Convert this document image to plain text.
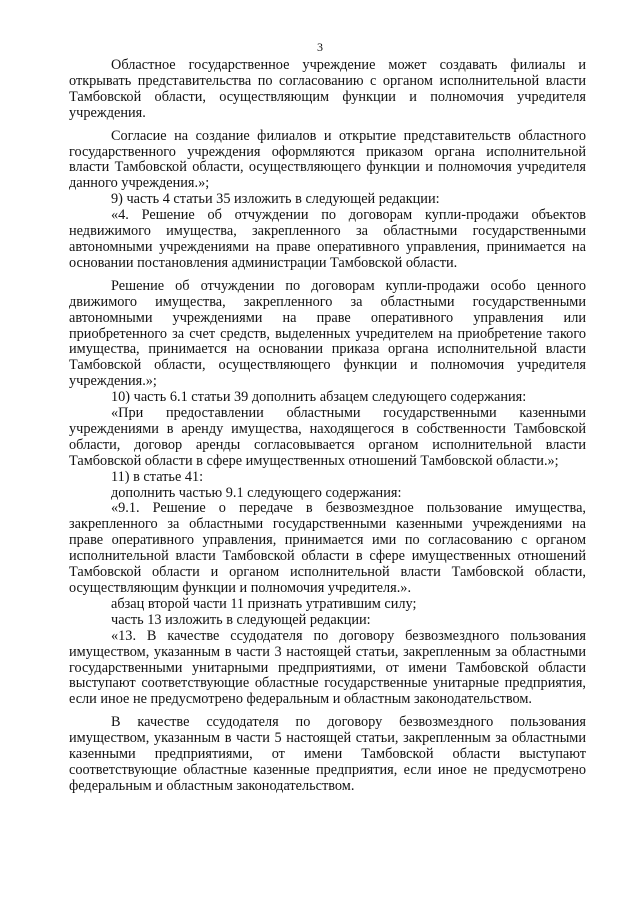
3

Областное государственное учреждение может создавать филиалы и открывать представительства по согласованию с органом исполнительной власти Тамбовской области, осуществляющим функции и полномочия учредителя учреждения.

Согласие на создание филиалов и открытие представительств областного государственного учреждения оформляются приказом органа исполнительной власти Тамбовской области, осуществляющего функции и полномочия учредителя данного учреждения.»;

9) часть 4 статьи 35 изложить в следующей редакции:

«4. Решение об отчуждении по договорам купли-продажи объектов недвижимого имущества, закрепленного за областными государственными автономными учреждениями на праве оперативного управления, принимается на основании постановления администрации Тамбовской области.

Решение об отчуждении по договорам купли-продажи особо ценного движимого имущества, закрепленного за областными государственными автономными учреждениями на праве оперативного управления или приобретенного за счет средств, выделенных учредителем на приобретение такого имущества, принимается на основании приказа органа исполнительной власти Тамбовской области, осуществляющего функции и полномочия учредителя учреждения.»;

10) часть 6.1 статьи 39 дополнить абзацем следующего содержания:

«При предоставлении областными государственными казенными учреждениями в аренду имущества, находящегося в собственности Тамбовской области, договор аренды согласовывается органом исполнительной власти Тамбовской области в сфере имущественных отношений Тамбовской области.»;

11) в статье 41:

дополнить частью 9.1 следующего содержания:

«9.1. Решение о передаче в безвозмездное пользование имущества, закрепленного за областными государственными казенными учреждениями на праве оперативного управления, принимается ими по согласованию с органом исполнительной власти Тамбовской области в сфере имущественных отношений Тамбовской области и органом исполнительной власти Тамбовской области, осуществляющим функции и полномочия учредителя.».

абзац второй части 11 признать утратившим силу;

часть 13 изложить в следующей редакции:

«13. В качестве ссудодателя по договору безвозмездного пользования имуществом, указанным в части 3 настоящей статьи, закрепленным за областными государственными унитарными предприятиями, от имени Тамбовской области выступают соответствующие областные государственные унитарные предприятия, если иное не предусмотрено федеральным и областным законодательством.

В качестве ссудодателя по договору безвозмездного пользования имуществом, указанным в части 5 настоящей статьи, закрепленным за областными казенными предприятиями, от имени Тамбовской области выступают соответствующие областные казенные предприятия, если иное не предусмотрено федеральным и областным законодательством.
